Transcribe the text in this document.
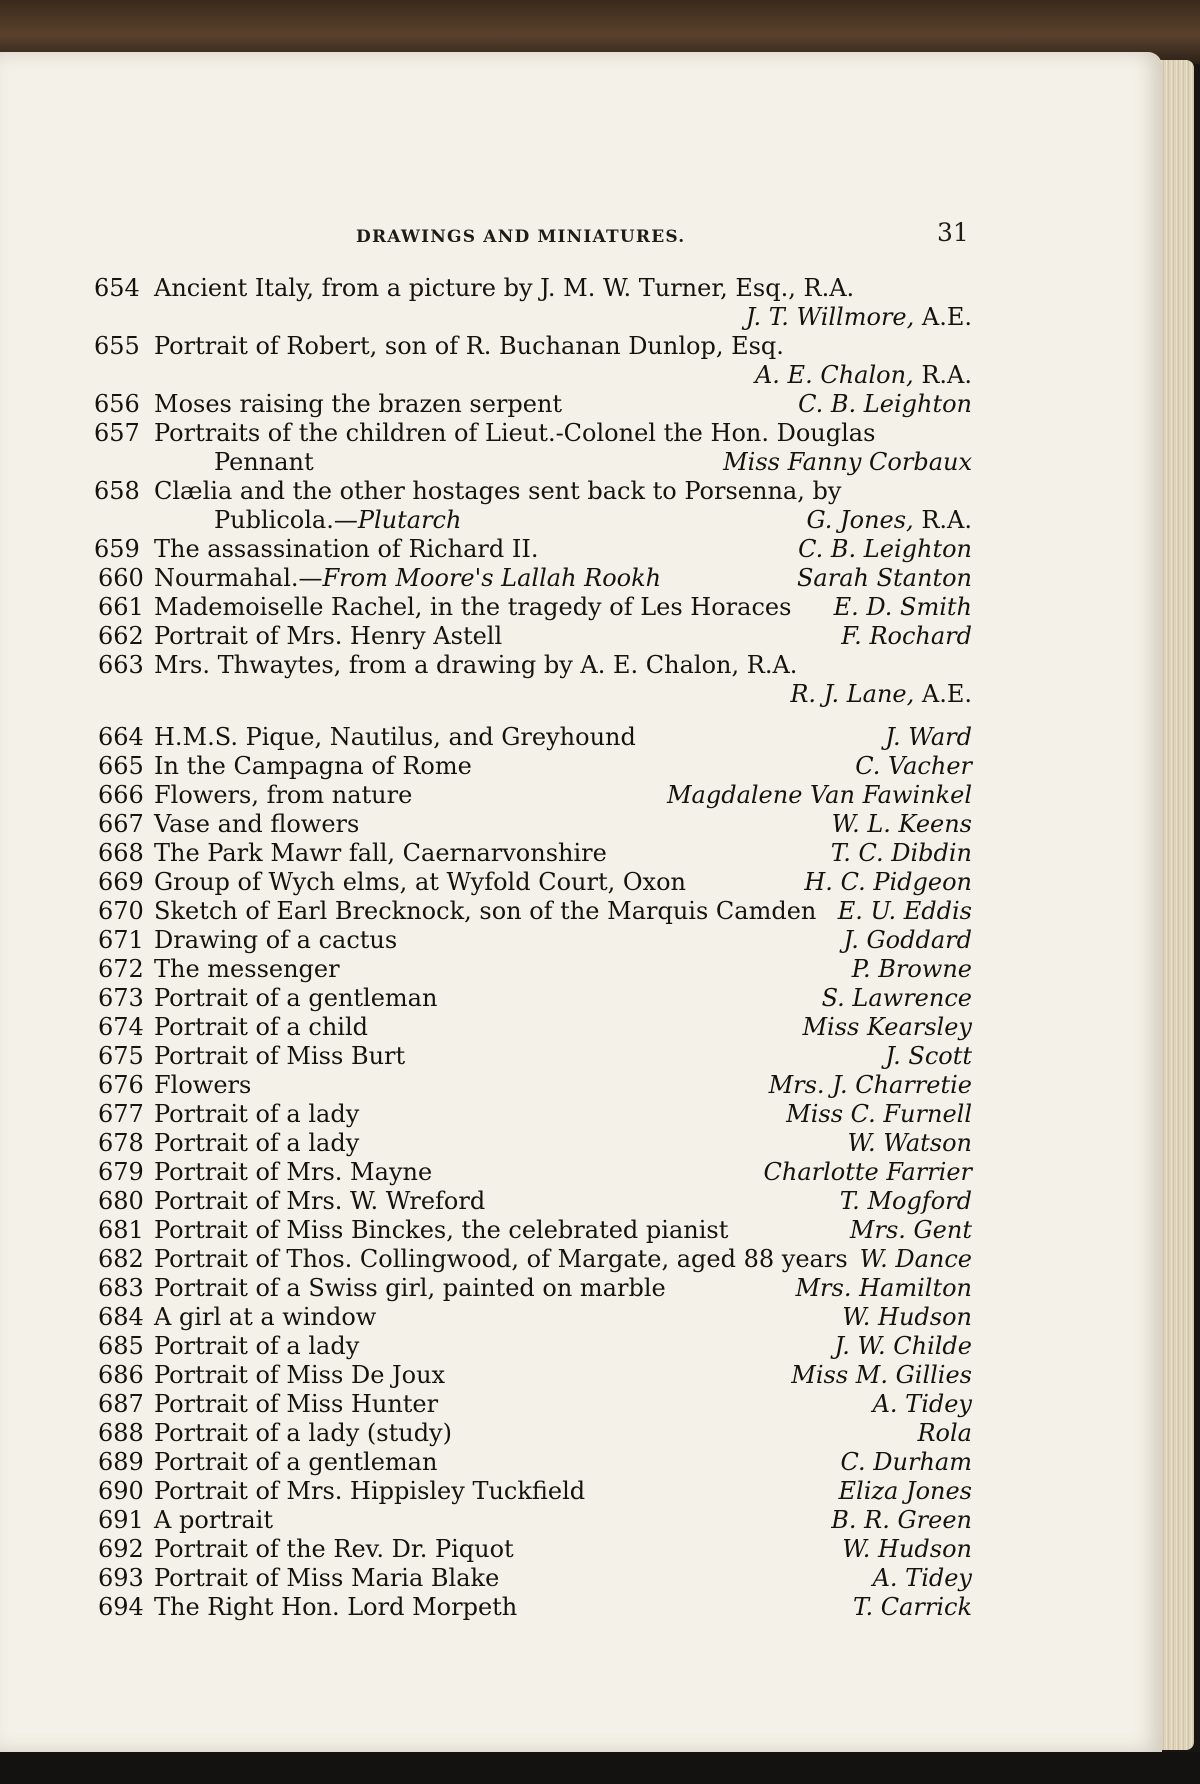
DRAWINGS AND MINIATURES.	31
654 Ancient Italy, from a picture by J. M. W. Turner, Esq., R.A.
J. T. Willmore, A.E.
655 Portrait of Robert, son of R. Buchanan Dunlop, Esq.
A. E. Chalon, R.A.
656 Moses raising the brazen serpent	C. B. Leighton
657 Portraits of the children of Lieut.-Colonel the Hon. Douglas
Pennant	Miss Fanny Corbaux
658 Clælia and the other hostages sent back to Porsenna, by
Publicola.—Plutarch	G. Jones, R.A.
659 The assassination of Richard II.	C. B. Leighton
660 Nourmahal.—From Moore's Lallah Rookh	Sarah Stanton
661 Mademoiselle Rachel, in the tragedy of Les Horaces E. D. Smith
662 Portrait of Mrs. Henry Astell	F. Rochard
663 Mrs. Thwaytes, from a drawing by A. E. Chalon, R.A.
R. J. Lane, A.E.
664 H.M.S. Pique, Nautilus, and Greyhound	J. Ward
665 In the Campagna of Rome	C. Vacher
666 Flowers, from nature	Magdalene Van Fawinkel
667 Vase and flowers	W. L. Keens
668 The Park Mawr fall, Caernarvonshire	T. C. Dibdin
669 Group of Wych elms, at Wyfold Court, Oxon	H. C. Pidgeon
670 Sketch of Earl Brecknock, son of the Marquis Camden E. U. Eddis
671 Drawing of a cactus	J. Goddard
672 The messenger	P. Browne
673 Portrait of a gentleman	S. Lawrence
674 Portrait of a child	Miss Kearsley
675 Portrait of Miss Burt	J. Scott
676 Flowers	Mrs. J. Charretie
677 Portrait of a lady	Miss C. Furnell
678 Portrait of a lady	W. Watson
679 Portrait of Mrs. Mayne	Charlotte Farrier
680 Portrait of Mrs. W. Wreford	T. Mogford
681 Portrait of Miss Binckes, the celebrated pianist	Mrs. Gent
682 Portrait of Thos. Collingwood, of Margate, aged 88 years W. Dance
683 Portrait of a Swiss girl, painted on marble	Mrs. Hamilton
684 A girl at a window	W. Hudson
685 Portrait of a lady	J. W. Childe
686 Portrait of Miss De Joux	Miss M. Gillies
687 Portrait of Miss Hunter	A. Tidey
688 Portrait of a lady (study)	Rola
689 Portrait of a gentleman	C. Durham
690 Portrait of Mrs. Hippisley Tuckfield	Eliza Jones
691 A portrait	B. R. Green
692 Portrait of the Rev. Dr. Piquot	W. Hudson
693 Portrait of Miss Maria Blake	A. Tidey
694 The Right Hon. Lord Morpeth	T. Carrick
